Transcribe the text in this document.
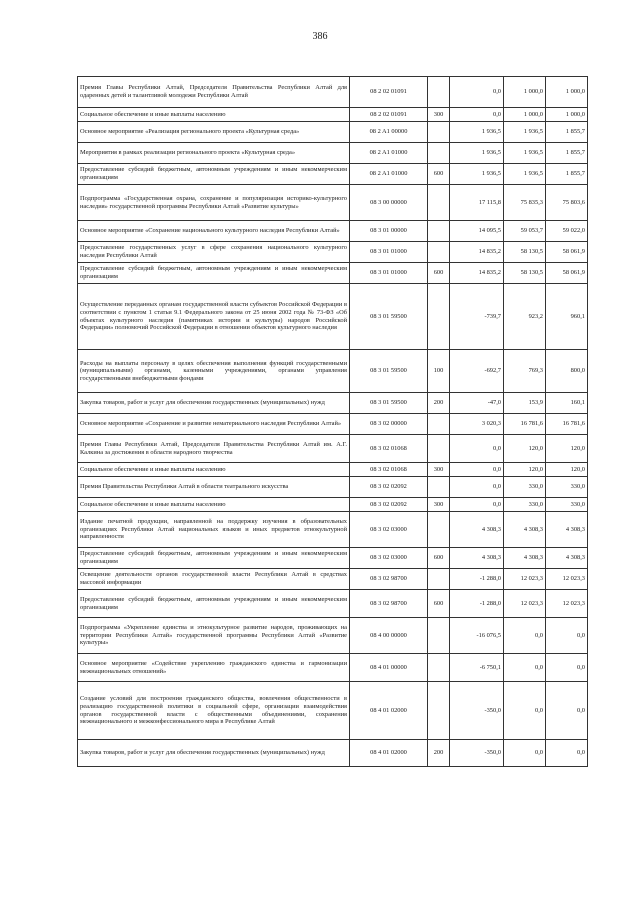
386
Премия Главы Республики Алтай, Председателя Правительства Республики Алтай для одаренных детей и талантливой молодежи Республики Алтай	08 2 02 01091		0,0	1 000,0	1 000,0
Социальное обеспечение и иные выплаты населению	08 2 02 01091	300	0,0	1 000,0	1 000,0
Основное мероприятие «Реализация регионального проекта «Культурная среда»	08 2 A1 00000		1 936,5	1 936,5	1 855,7
Мероприятия в рамках реализации регионального проекта «Культурная среда»	08 2 A1 01000		1 936,5	1 936,5	1 855,7
Предоставление субсидий бюджетным, автономным учреждениям и иным некоммерческим организациям	08 2 A1 01000	600	1 936,5	1 936,5	1 855,7
Подпрограмма «Государственная охрана, сохранение и популяризация историко-культурного наследия» государственной программы Республики Алтай «Развитие культуры»	08 3 00 00000		17 115,8	75 835,3	75 803,6
Основное мероприятие «Сохранение национального культурного наследия Республики Алтай»	08 3 01 00000		14 095,5	59 053,7	59 022,0
Предоставление государственных услуг в сфере сохранения национального культурного наследия Республики Алтай	08 3 01 01000		14 835,2	58 130,5	58 061,9
Предоставление субсидий бюджетным, автономным учреждениям и иным некоммерческим организациям	08 3 01 01000	600	14 835,2	58 130,5	58 061,9
Осуществление переданных органам государственной власти субъектов Российской Федерации в соответствии с пунктом 1 статьи 9.1 Федерального закона от 25 июня 2002 года № 73-ФЗ «Об объектах культурного наследия (памятниках истории и культуры) народов Российской Федерации» полномочий Российской Федерации в отношении объектов культурного наследия	08 3 01 59500		-739,7	923,2	960,1
Расходы на выплаты персоналу в целях обеспечения выполнения функций государственными (муниципальными) органами, казенными учреждениями, органами управления государственными внебюджетными фондами	08 3 01 59500	100	-692,7	769,3	800,0
Закупка товаров, работ и услуг для обеспечения государственных (муниципальных) нужд	08 3 01 59500	200	-47,0	153,9	160,1
Основное мероприятие «Сохранение и развитие нематериального наследия Республики Алтай»	08 3 02 00000		3 020,3	16 781,6	16 781,6
Премия Главы Республики Алтай, Председателя Правительства Республики Алтай им. А.Г. Калкина за достижения в области народного творчества	08 3 02 01068		0,0	120,0	120,0
Социальное обеспечение и иные выплаты населению	08 3 02 01068	300	0,0	120,0	120,0
Премия Правительства Республики Алтай в области театрального искусства	08 3 02 02092		0,0	330,0	330,0
Социальное обеспечение и иные выплаты населению	08 3 02 02092	300	0,0	330,0	330,0
Издание печатной продукции, направленной на поддержку изучения в образовательных организациях Республики Алтай национальных языков и иных предметов этнокультурной направленности	08 3 02 03000		4 308,3	4 308,3	4 308,3
Предоставление субсидий бюджетным, автономным учреждениям и иным некоммерческим организациям	08 3 02 03000	600	4 308,3	4 308,3	4 308,3
Освещение деятельности органов государственной власти Республики Алтай в средствах массовой информации	08 3 02 98700		-1 288,0	12 023,3	12 023,3
Предоставление субсидий бюджетным, автономным учреждениям и иным некоммерческим организациям	08 3 02 98700	600	-1 288,0	12 023,3	12 023,3
Подпрограмма «Укрепление единства и этнокультурное развитие народов, проживающих на территории Республики Алтай» государственной программы Республики Алтай «Развитие культуры»	08 4 00 00000		-16 076,5	0,0	0,0
Основное мероприятие «Содействие укреплению гражданского единства и гармонизации межнациональных отношений»	08 4 01 00000		-6 750,1	0,0	0,0
Создание условий для построения гражданского общества, вовлечения общественности в реализацию государственной политики в социальной сфере, организации взаимодействия органов государственной власти с общественными объединениями, сохранения межнационального и межконфессионального мира в Республике Алтай	08 4 01 02000		-350,0	0,0	0,0
Закупка товаров, работ и услуг для обеспечения государственных (муниципальных) нужд	08 4 01 02000	200	-350,0	0,0	0,0
